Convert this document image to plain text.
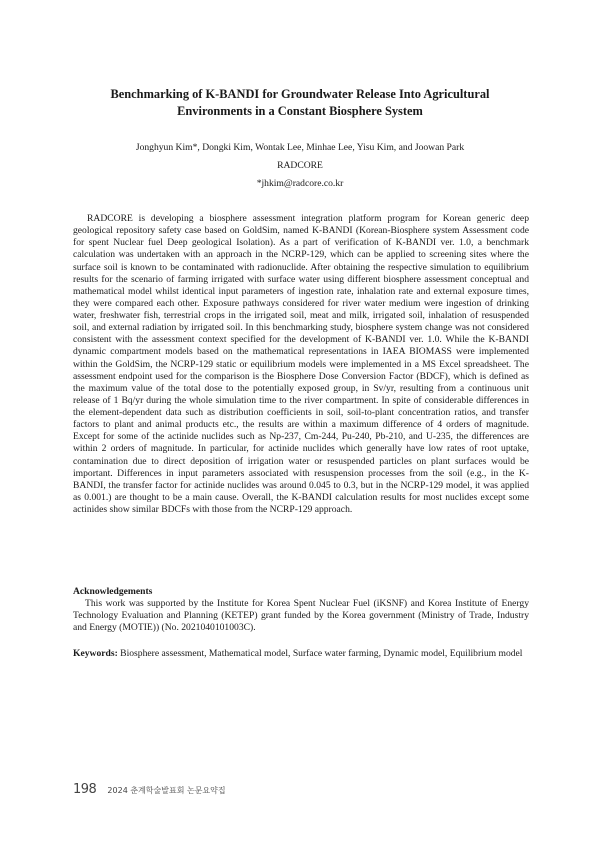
Benchmarking of K-BANDI for Groundwater Release Into Agricultural
Environments in a Constant Biosphere System
Jonghyun Kim*, Dongki Kim, Wontak Lee, Minhae Lee, Yisu Kim, and Joowan Park
RADCORE
*jhkim@radcore.co.kr

RADCORE is developing a biosphere assessment integration platform program for Korean generic deep geological repository safety case based on GoldSim, named K-BANDI (Korean-Biosphere system Assessment code for spent Nuclear fuel Deep geological Isolation). As a part of verification of K-BANDI ver. 1.0, a benchmark calculation was undertaken with an approach in the NCRP-129, which can be applied to screening sites where the surface soil is known to be contaminated with radionuclide. After obtaining the respective simulation to equilibrium results for the scenario of farming irrigated with surface water using different biosphere assessment conceptual and mathematical model whilst identical input parameters of ingestion rate, inhalation rate and external exposure times, they were compared each other. Exposure pathways considered for river water medium were ingestion of drinking water, freshwater fish, terrestrial crops in the irrigated soil, meat and milk, irrigated soil, inhalation of resuspended soil, and external radiation by irrigated soil. In this benchmarking study, biosphere system change was not considered consistent with the assessment context specified for the development of K-BANDI ver. 1.0. While the K-BANDI dynamic compartment models based on the mathematical representations in IAEA BIOMASS were implemented within the GoldSim, the NCRP-129 static or equilibrium models were implemented in a MS Excel spreadsheet. The assessment endpoint used for the comparison is the Biosphere Dose Conversion Factor (BDCF), which is defined as the maximum value of the total dose to the potentially exposed group, in Sv/yr, resulting from a continuous unit release of 1 Bq/yr during the whole simulation time to the river compartment. In spite of considerable differences in the element-dependent data such as distribution coefficients in soil, soil-to-plant concentration ratios, and transfer factors to plant and animal products etc., the results are within a maximum difference of 4 orders of magnitude. Except for some of the actinide nuclides such as Np-237, Cm-244, Pu-240, Pb-210, and U-235, the differences are within 2 orders of magnitude. In particular, for actinide nuclides which generally have low rates of root uptake, contamination due to direct deposition of irrigation water or resuspended particles on plant surfaces would be important. Differences in input parameters associated with resuspension processes from the soil (e.g., in the K-BANDI, the transfer factor for actinide nuclides was around 0.045 to 0.3, but in the NCRP-129 model, it was applied as 0.001.) are thought to be a main cause. Overall, the K-BANDI calculation results for most nuclides except some actinides show similar BDCFs with those from the NCRP-129 approach.

Acknowledgements

This work was supported by the Institute for Korea Spent Nuclear Fuel (iKSNF) and Korea Institute of Energy Technology Evaluation and Planning (KETEP) grant funded by the Korea government (Ministry of Trade, Industry and Energy (MOTIE)) (No. 2021040101003C).

Keywords: Biosphere assessment, Mathematical model, Surface water farming, Dynamic model, Equilibrium model

198 2024 춘계학술발표회 논문요약집
